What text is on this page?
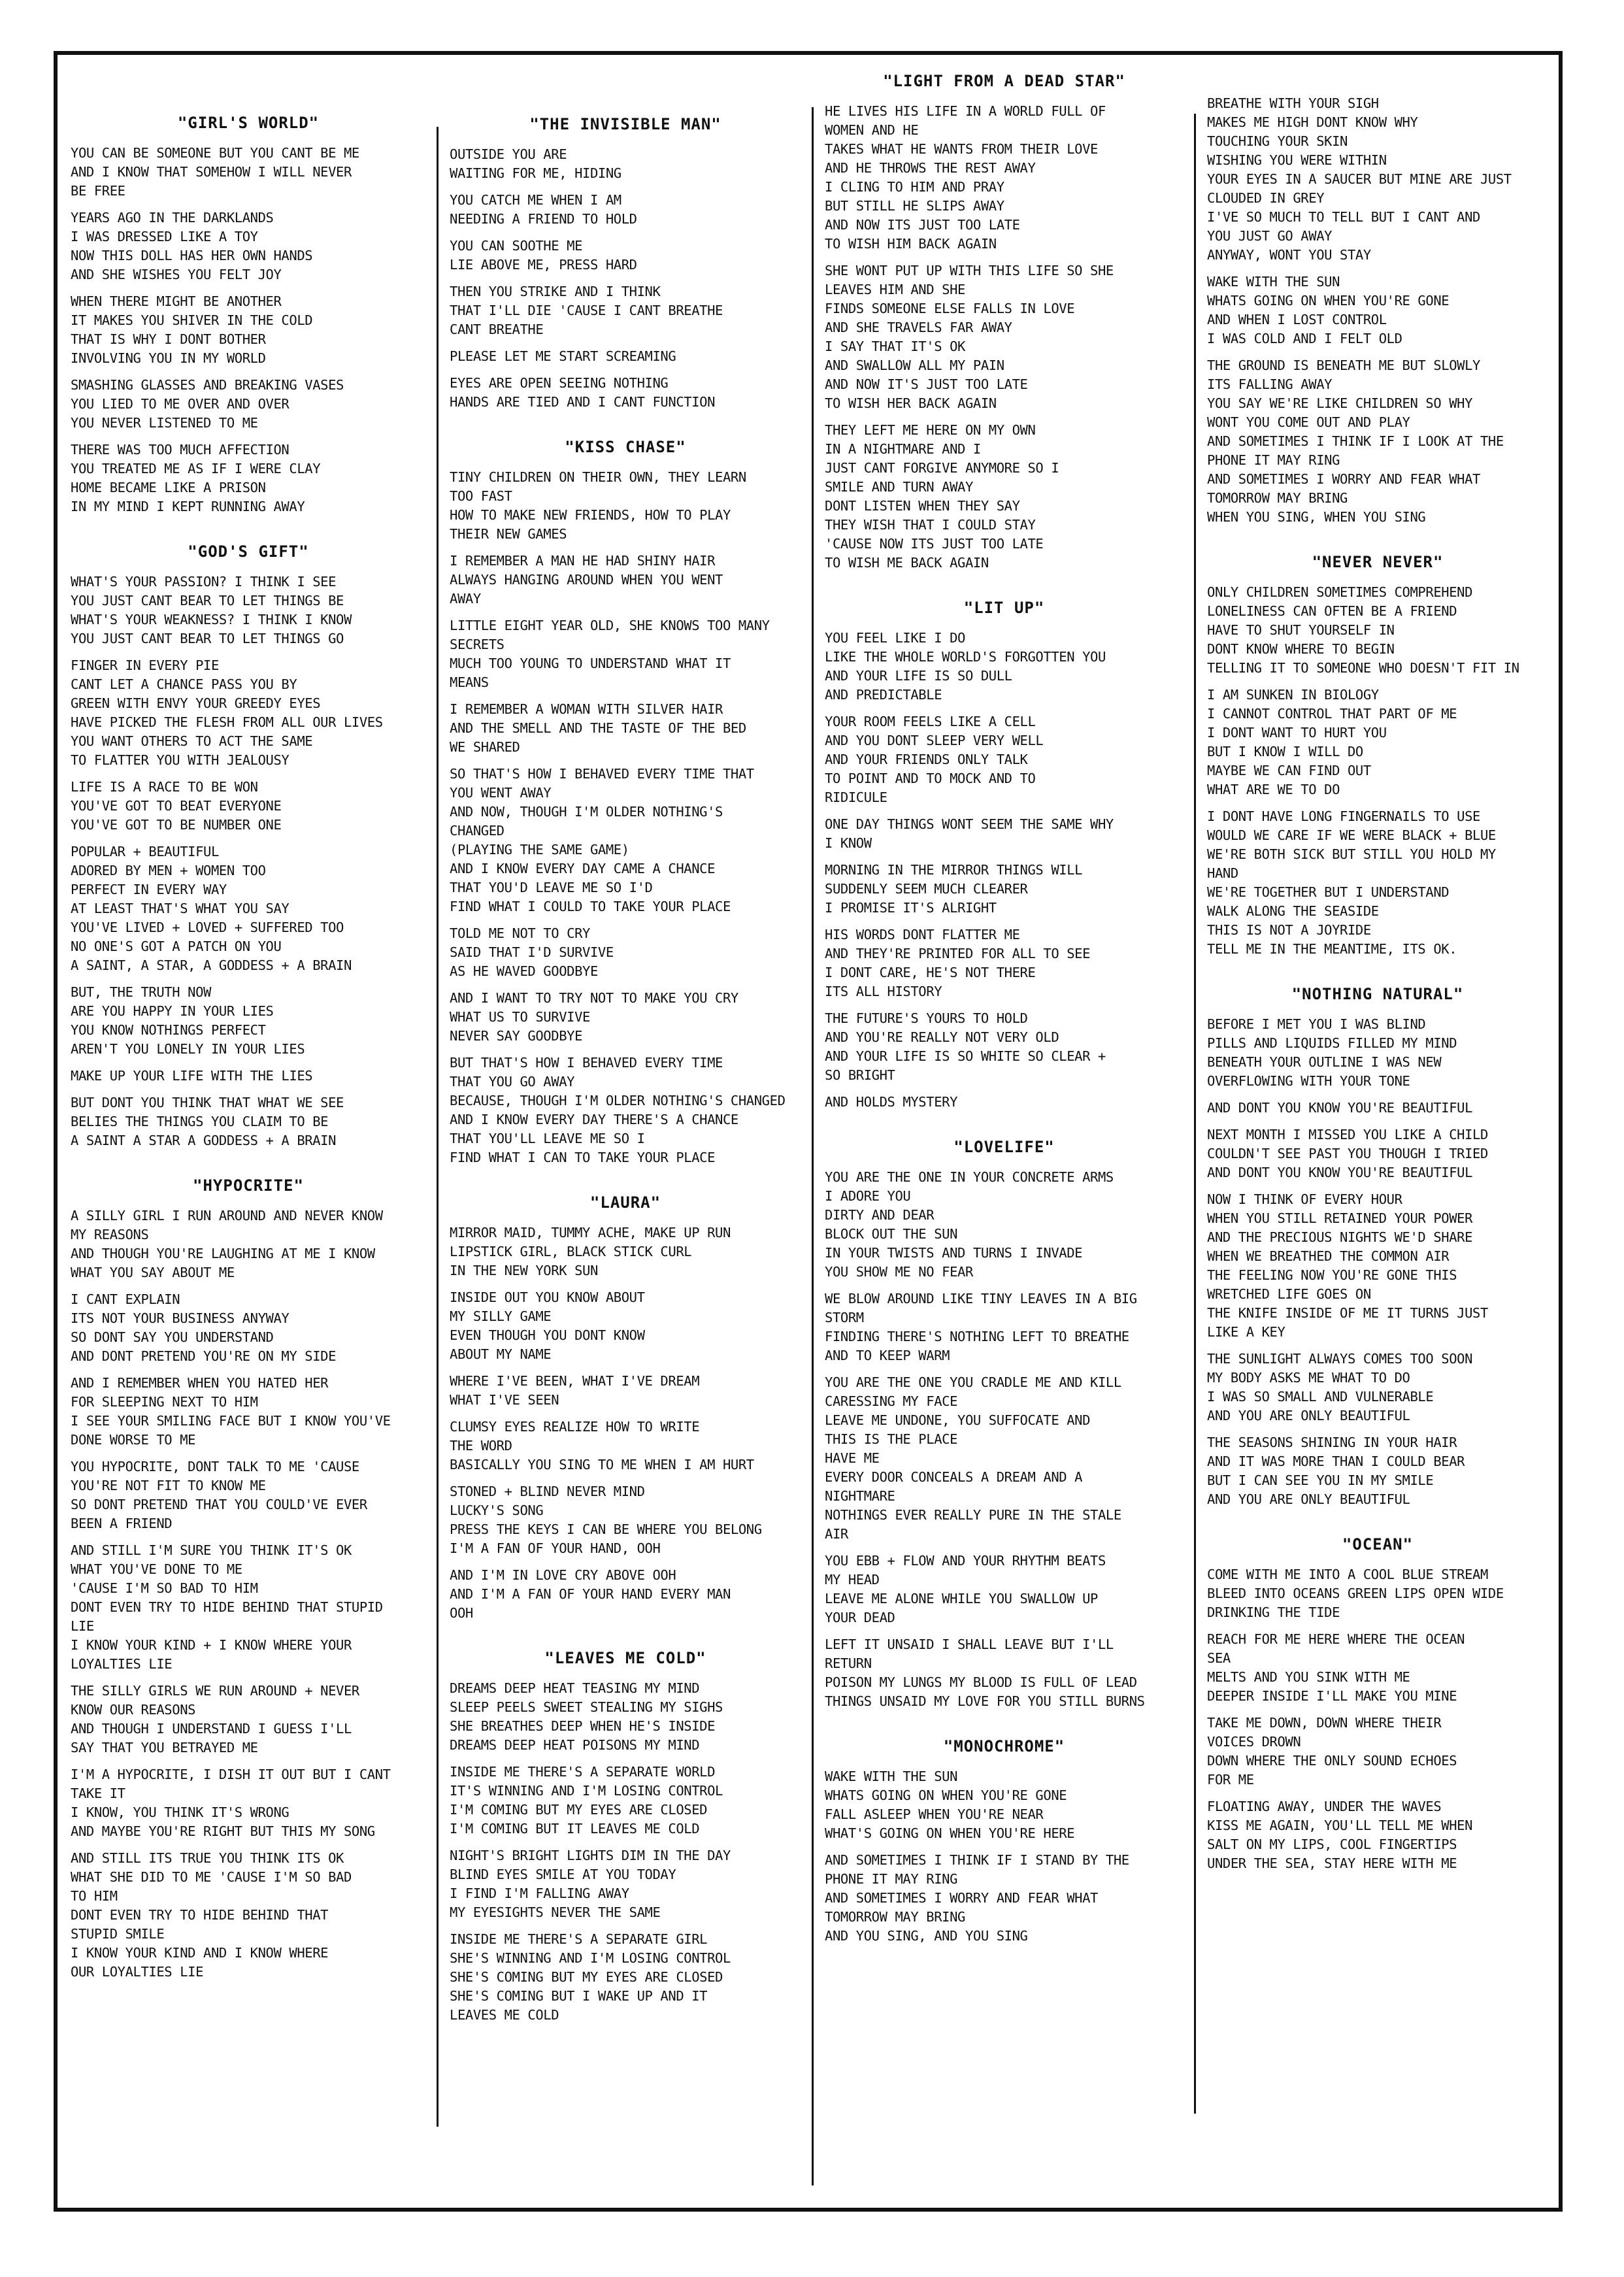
"GIRL'S WORLD"

YOU CAN BE SOMEONE BUT YOU CANT BE ME

AND I KNOW THAT SOMEHOW I WILL NEVER

BE FREE

YEARS AGO IN THE DARKLANDS

I WAS DRESSED LIKE A TOY

NOW THIS DOLL HAS HER OWN HANDS

AND SHE WISHES YOU FELT JOY

WHEN THERE MIGHT BE ANOTHER

IT MAKES YOU SHIVER IN THE COLD

THAT IS WHY I DONT BOTHER

INVOLVING YOU IN MY WORLD

SMASHING GLASSES AND BREAKING VASES

YOU LIED TO ME OVER AND OVER

YOU NEVER LISTENED TO ME

THERE WAS TOO MUCH AFFECTION

YOU TREATED ME AS IF I WERE CLAY

HOME BECAME LIKE A PRISON

IN MY MIND I KEPT RUNNING AWAY

"GOD'S GIFT"

WHAT'S YOUR PASSION? I THINK I SEE

YOU JUST CANT BEAR TO LET THINGS BE

WHAT'S YOUR WEAKNESS? I THINK I KNOW

YOU JUST CANT BEAR TO LET THINGS GO

FINGER IN EVERY PIE

CANT LET A CHANCE PASS YOU BY

GREEN WITH ENVY YOUR GREEDY EYES

HAVE PICKED THE FLESH FROM ALL OUR LIVES

YOU WANT OTHERS TO ACT THE SAME

TO FLATTER YOU WITH JEALOUSY

LIFE IS A RACE TO BE WON

YOU'VE GOT TO BEAT EVERYONE

YOU'VE GOT TO BE NUMBER ONE

POPULAR + BEAUTIFUL

ADORED BY MEN + WOMEN TOO

PERFECT IN EVERY WAY

AT LEAST THAT'S WHAT YOU SAY

YOU'VE LIVED + LOVED + SUFFERED TOO

NO ONE'S GOT A PATCH ON YOU

A SAINT, A STAR, A GODDESS + A BRAIN

BUT, THE TRUTH NOW

ARE YOU HAPPY IN YOUR LIES

YOU KNOW NOTHINGS PERFECT

AREN'T YOU LONELY IN YOUR LIES

MAKE UP YOUR LIFE WITH THE LIES

BUT DONT YOU THINK THAT WHAT WE SEE

BELIES THE THINGS YOU CLAIM TO BE

A SAINT A STAR A GODDESS + A BRAIN

"HYPOCRITE"

A SILLY GIRL I RUN AROUND AND NEVER KNOW

MY REASONS

AND THOUGH YOU'RE LAUGHING AT ME I KNOW

WHAT YOU SAY ABOUT ME

I CANT EXPLAIN

ITS NOT YOUR BUSINESS ANYWAY

SO DONT SAY YOU UNDERSTAND

AND DONT PRETEND YOU'RE ON MY SIDE

AND I REMEMBER WHEN YOU HATED HER

FOR SLEEPING NEXT TO HIM

I SEE YOUR SMILING FACE BUT I KNOW YOU'VE

DONE WORSE TO ME

YOU HYPOCRITE, DONT TALK TO ME 'CAUSE

YOU'RE NOT FIT TO KNOW ME

SO DONT PRETEND THAT YOU COULD'VE EVER

BEEN A FRIEND

AND STILL I'M SURE YOU THINK IT'S OK

WHAT YOU'VE DONE TO ME

'CAUSE I'M SO BAD TO HIM

DONT EVEN TRY TO HIDE BEHIND THAT STUPID

LIE

I KNOW YOUR KIND + I KNOW WHERE YOUR

LOYALTIES LIE

THE SILLY GIRLS WE RUN AROUND + NEVER

KNOW OUR REASONS

AND THOUGH I UNDERSTAND I GUESS I'LL

SAY THAT YOU BETRAYED ME

I'M A HYPOCRITE, I DISH IT OUT BUT I CANT

TAKE IT

I KNOW, YOU THINK IT'S WRONG

AND MAYBE YOU'RE RIGHT BUT THIS MY SONG

AND STILL ITS TRUE YOU THINK ITS OK

WHAT SHE DID TO ME 'CAUSE I'M SO BAD

TO HIM

DONT EVEN TRY TO HIDE BEHIND THAT

STUPID SMILE

I KNOW YOUR KIND AND I KNOW WHERE

OUR LOYALTIES LIE

"THE INVISIBLE MAN"

OUTSIDE YOU ARE

WAITING FOR ME, HIDING

YOU CATCH ME WHEN I AM

NEEDING A FRIEND TO HOLD

YOU CAN SOOTHE ME

LIE ABOVE ME, PRESS HARD

THEN YOU STRIKE AND I THINK

THAT I'LL DIE 'CAUSE I CANT BREATHE

CANT BREATHE

PLEASE LET ME START SCREAMING

EYES ARE OPEN SEEING NOTHING

HANDS ARE TIED AND I CANT FUNCTION

"KISS CHASE"

TINY CHILDREN ON THEIR OWN, THEY LEARN

TOO FAST

HOW TO MAKE NEW FRIENDS, HOW TO PLAY

THEIR NEW GAMES

I REMEMBER A MAN HE HAD SHINY HAIR

ALWAYS HANGING AROUND WHEN YOU WENT

AWAY

LITTLE EIGHT YEAR OLD, SHE KNOWS TOO MANY

SECRETS

MUCH TOO YOUNG TO UNDERSTAND WHAT IT

MEANS

I REMEMBER A WOMAN WITH SILVER HAIR

AND THE SMELL AND THE TASTE OF THE BED

WE SHARED

SO THAT'S HOW I BEHAVED EVERY TIME THAT

YOU WENT AWAY

AND NOW, THOUGH I'M OLDER NOTHING'S

CHANGED

(PLAYING THE SAME GAME)

AND I KNOW EVERY DAY CAME A CHANCE

THAT YOU'D LEAVE ME SO I'D

FIND WHAT I COULD TO TAKE YOUR PLACE

TOLD ME NOT TO CRY

SAID THAT I'D SURVIVE

AS HE WAVED GOODBYE

AND I WANT TO TRY NOT TO MAKE YOU CRY

WHAT US TO SURVIVE

NEVER SAY GOODBYE

BUT THAT'S HOW I BEHAVED EVERY TIME

THAT YOU GO AWAY

BECAUSE, THOUGH I'M OLDER NOTHING'S CHANGED

AND I KNOW EVERY DAY THERE'S A CHANCE

THAT YOU'LL LEAVE ME SO I

FIND WHAT I CAN TO TAKE YOUR PLACE

"LAURA"

MIRROR MAID, TUMMY ACHE, MAKE UP RUN

LIPSTICK GIRL, BLACK STICK CURL

IN THE NEW YORK SUN

INSIDE OUT YOU KNOW ABOUT

MY SILLY GAME

EVEN THOUGH YOU DONT KNOW

ABOUT MY NAME

WHERE I'VE BEEN, WHAT I'VE DREAM

WHAT I'VE SEEN

CLUMSY EYES REALIZE HOW TO WRITE

THE WORD

BASICALLY YOU SING TO ME WHEN I AM HURT

STONED + BLIND NEVER MIND

LUCKY'S SONG

PRESS THE KEYS I CAN BE WHERE YOU BELONG

I'M A FAN OF YOUR HAND, OOH

AND I'M IN LOVE CRY ABOVE OOH

AND I'M A FAN OF YOUR HAND EVERY MAN

OOH

"LEAVES ME COLD"

DREAMS DEEP HEAT TEASING MY MIND

SLEEP PEELS SWEET STEALING MY SIGHS

SHE BREATHES DEEP WHEN HE'S INSIDE

DREAMS DEEP HEAT POISONS MY MIND

INSIDE ME THERE'S A SEPARATE WORLD

IT'S WINNING AND I'M LOSING CONTROL

I'M COMING BUT MY EYES ARE CLOSED

I'M COMING BUT IT LEAVES ME COLD

NIGHT'S BRIGHT LIGHTS DIM IN THE DAY

BLIND EYES SMILE AT YOU TODAY

I FIND I'M FALLING AWAY

MY EYESIGHTS NEVER THE SAME

INSIDE ME THERE'S A SEPARATE GIRL

SHE'S WINNING AND I'M LOSING CONTROL

SHE'S COMING BUT MY EYES ARE CLOSED

SHE'S COMING BUT I WAKE UP AND IT

LEAVES ME COLD

"LIGHT FROM A DEAD STAR"

HE LIVES HIS LIFE IN A WORLD FULL OF

WOMEN AND HE

TAKES WHAT HE WANTS FROM THEIR LOVE

AND HE THROWS THE REST AWAY

I CLING TO HIM AND PRAY

BUT STILL HE SLIPS AWAY

AND NOW ITS JUST TOO LATE

TO WISH HIM BACK AGAIN

SHE WONT PUT UP WITH THIS LIFE SO SHE

LEAVES HIM AND SHE

FINDS SOMEONE ELSE FALLS IN LOVE

AND SHE TRAVELS FAR AWAY

I SAY THAT IT'S OK

AND SWALLOW ALL MY PAIN

AND NOW IT'S JUST TOO LATE

TO WISH HER BACK AGAIN

THEY LEFT ME HERE ON MY OWN

IN A NIGHTMARE AND I

JUST CANT FORGIVE ANYMORE SO I

SMILE AND TURN AWAY

DONT LISTEN WHEN THEY SAY

THEY WISH THAT I COULD STAY

'CAUSE NOW ITS JUST TOO LATE

TO WISH ME BACK AGAIN

"LIT UP"

YOU FEEL LIKE I DO

LIKE THE WHOLE WORLD'S FORGOTTEN YOU

AND YOUR LIFE IS SO DULL

AND PREDICTABLE

YOUR ROOM FEELS LIKE A CELL

AND YOU DONT SLEEP VERY WELL

AND YOUR FRIENDS ONLY TALK

TO POINT AND TO MOCK AND TO

RIDICULE

ONE DAY THINGS WONT SEEM THE SAME WHY

I KNOW

MORNING IN THE MIRROR THINGS WILL

SUDDENLY SEEM MUCH CLEARER

I PROMISE IT'S ALRIGHT

HIS WORDS DONT FLATTER ME

AND THEY'RE PRINTED FOR ALL TO SEE

I DONT CARE, HE'S NOT THERE

ITS ALL HISTORY

THE FUTURE'S YOURS TO HOLD

AND YOU'RE REALLY NOT VERY OLD

AND YOUR LIFE IS SO WHITE SO CLEAR +

SO BRIGHT

AND HOLDS MYSTERY

"LOVELIFE"

YOU ARE THE ONE IN YOUR CONCRETE ARMS

I ADORE YOU

DIRTY AND DEAR

BLOCK OUT THE SUN

IN YOUR TWISTS AND TURNS I INVADE

YOU SHOW ME NO FEAR

WE BLOW AROUND LIKE TINY LEAVES IN A BIG

STORM

FINDING THERE'S NOTHING LEFT TO BREATHE

AND TO KEEP WARM

YOU ARE THE ONE YOU CRADLE ME AND KILL

CARESSING MY FACE

LEAVE ME UNDONE, YOU SUFFOCATE AND

THIS IS THE PLACE

HAVE ME

EVERY DOOR CONCEALS A DREAM AND A

NIGHTMARE

NOTHINGS EVER REALLY PURE IN THE STALE

AIR

YOU EBB + FLOW AND YOUR RHYTHM BEATS

MY HEAD

LEAVE ME ALONE WHILE YOU SWALLOW UP

YOUR DEAD

LEFT IT UNSAID I SHALL LEAVE BUT I'LL

RETURN

POISON MY LUNGS MY BLOOD IS FULL OF LEAD

THINGS UNSAID MY LOVE FOR YOU STILL BURNS

"MONOCHROME"

WAKE WITH THE SUN

WHATS GOING ON WHEN YOU'RE GONE

FALL ASLEEP WHEN YOU'RE NEAR

WHAT'S GOING ON WHEN YOU'RE HERE

AND SOMETIMES I THINK IF I STAND BY THE

PHONE IT MAY RING

AND SOMETIMES I WORRY AND FEAR WHAT

TOMORROW MAY BRING

AND YOU SING, AND YOU SING

BREATHE WITH YOUR SIGH

MAKES ME HIGH DONT KNOW WHY

TOUCHING YOUR SKIN

WISHING YOU WERE WITHIN

YOUR EYES IN A SAUCER BUT MINE ARE JUST

CLOUDED IN GREY

I'VE SO MUCH TO TELL BUT I CANT AND

YOU JUST GO AWAY

ANYWAY, WONT YOU STAY

WAKE WITH THE SUN

WHATS GOING ON WHEN YOU'RE GONE

AND WHEN I LOST CONTROL

I WAS COLD AND I FELT OLD

THE GROUND IS BENEATH ME BUT SLOWLY

ITS FALLING AWAY

YOU SAY WE'RE LIKE CHILDREN SO WHY

WONT YOU COME OUT AND PLAY

AND SOMETIMES I THINK IF I LOOK AT THE

PHONE IT MAY RING

AND SOMETIMES I WORRY AND FEAR WHAT

TOMORROW MAY BRING

WHEN YOU SING, WHEN YOU SING

"NEVER NEVER"

ONLY CHILDREN SOMETIMES COMPREHEND

LONELINESS CAN OFTEN BE A FRIEND

HAVE TO SHUT YOURSELF IN

DONT KNOW WHERE TO BEGIN

TELLING IT TO SOMEONE WHO DOESN'T FIT IN

I AM SUNKEN IN BIOLOGY

I CANNOT CONTROL THAT PART OF ME

I DONT WANT TO HURT YOU

BUT I KNOW I WILL DO

MAYBE WE CAN FIND OUT

WHAT ARE WE TO DO

I DONT HAVE LONG FINGERNAILS TO USE

WOULD WE CARE IF WE WERE BLACK + BLUE

WE'RE BOTH SICK BUT STILL YOU HOLD MY

HAND

WE'RE TOGETHER BUT I UNDERSTAND

WALK ALONG THE SEASIDE

THIS IS NOT A JOYRIDE

TELL ME IN THE MEANTIME, ITS OK.

"NOTHING NATURAL"

BEFORE I MET YOU I WAS BLIND

PILLS AND LIQUIDS FILLED MY MIND

BENEATH YOUR OUTLINE I WAS NEW

OVERFLOWING WITH YOUR TONE

AND DONT YOU KNOW YOU'RE BEAUTIFUL

NEXT MONTH I MISSED YOU LIKE A CHILD

COULDN'T SEE PAST YOU THOUGH I TRIED

AND DONT YOU KNOW YOU'RE BEAUTIFUL

NOW I THINK OF EVERY HOUR

WHEN YOU STILL RETAINED YOUR POWER

AND THE PRECIOUS NIGHTS WE'D SHARE

WHEN WE BREATHED THE COMMON AIR

THE FEELING NOW YOU'RE GONE THIS

WRETCHED LIFE GOES ON

THE KNIFE INSIDE OF ME IT TURNS JUST

LIKE A KEY

THE SUNLIGHT ALWAYS COMES TOO SOON

MY BODY ASKS ME WHAT TO DO

I WAS SO SMALL AND VULNERABLE

AND YOU ARE ONLY BEAUTIFUL

THE SEASONS SHINING IN YOUR HAIR

AND IT WAS MORE THAN I COULD BEAR

BUT I CAN SEE YOU IN MY SMILE

AND YOU ARE ONLY BEAUTIFUL

"OCEAN"

COME WITH ME INTO A COOL BLUE STREAM

BLEED INTO OCEANS GREEN LIPS OPEN WIDE

DRINKING THE TIDE

REACH FOR ME HERE WHERE THE OCEAN

SEA

MELTS AND YOU SINK WITH ME

DEEPER INSIDE I'LL MAKE YOU MINE

TAKE ME DOWN, DOWN WHERE THEIR

VOICES DROWN

DOWN WHERE THE ONLY SOUND ECHOES

FOR ME

FLOATING AWAY, UNDER THE WAVES

KISS ME AGAIN, YOU'LL TELL ME WHEN

SALT ON MY LIPS, COOL FINGERTIPS

UNDER THE SEA, STAY HERE WITH ME
